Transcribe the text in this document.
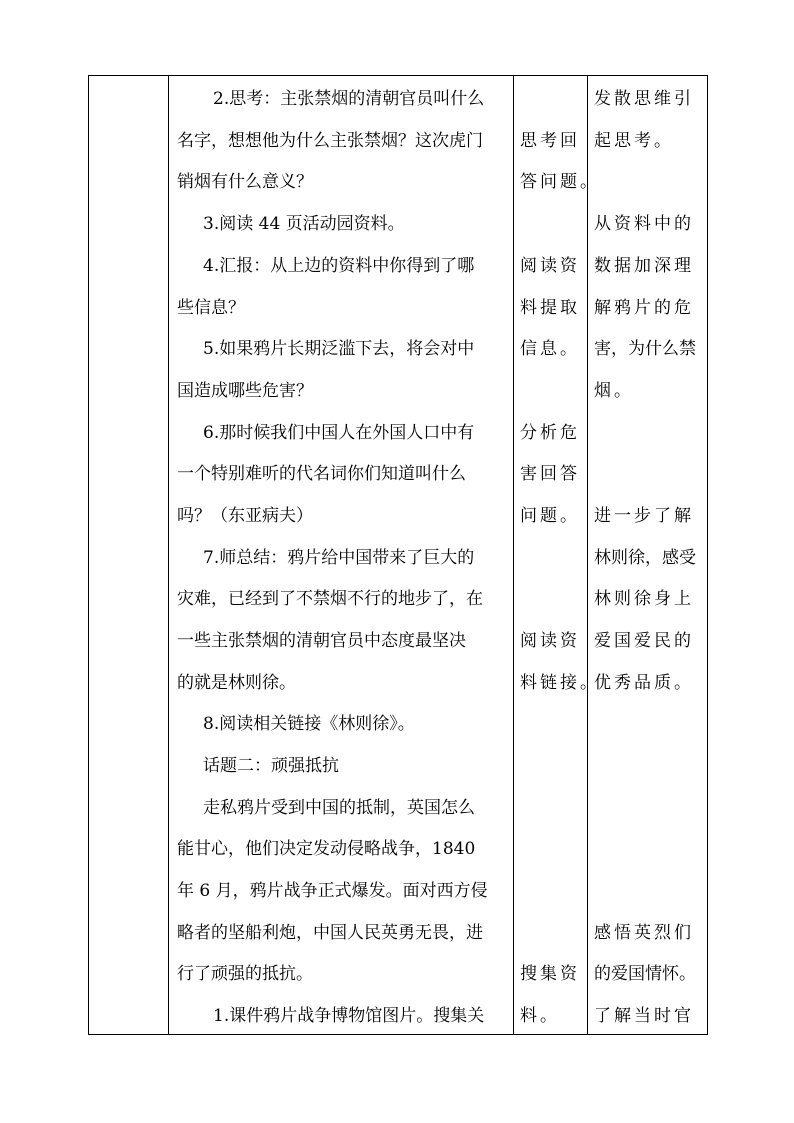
2.思考：主张禁烟的清朝官员叫什么
名字，想想他为什么主张禁烟？这次虎门
销烟有什么意义？
3.阅读 44 页活动园资料。
4.汇报：从上边的资料中你得到了哪
些信息？
5.如果鸦片长期泛滥下去，将会对中
国造成哪些危害？
6.那时候我们中国人在外国人口中有
一个特别难听的代名词你们知道叫什么
吗？（东亚病夫）
7.师总结：鸦片给中国带来了巨大的
灾难，已经到了不禁烟不行的地步了，在
一些主张禁烟的清朝官员中态度最坚决
的就是林则徐。
8.阅读相关链接《林则徐》。
话题二：顽强抵抗
走私鸦片受到中国的抵制，英国怎么
能甘心，他们决定发动侵略战争，1840
年 6 月，鸦片战争正式爆发。面对西方侵
略者的坚船利炮，中国人民英勇无畏，进
行了顽强的抵抗。
1.课件鸦片战争博物馆图片。搜集关
思考回
答问题。
阅读资
料提取
信息。
分析危
害回答
问题。
阅读资
料链接。
搜集资
料。
发散思维引
起思考。
从资料中的
数据加深理
解鸦片的危
害，为什么禁
烟。
进一步了解
林则徐，感受
林则徐身上
爱国爱民的
优秀品质。
感悟英烈们
的爱国情怀。
了解当时官
